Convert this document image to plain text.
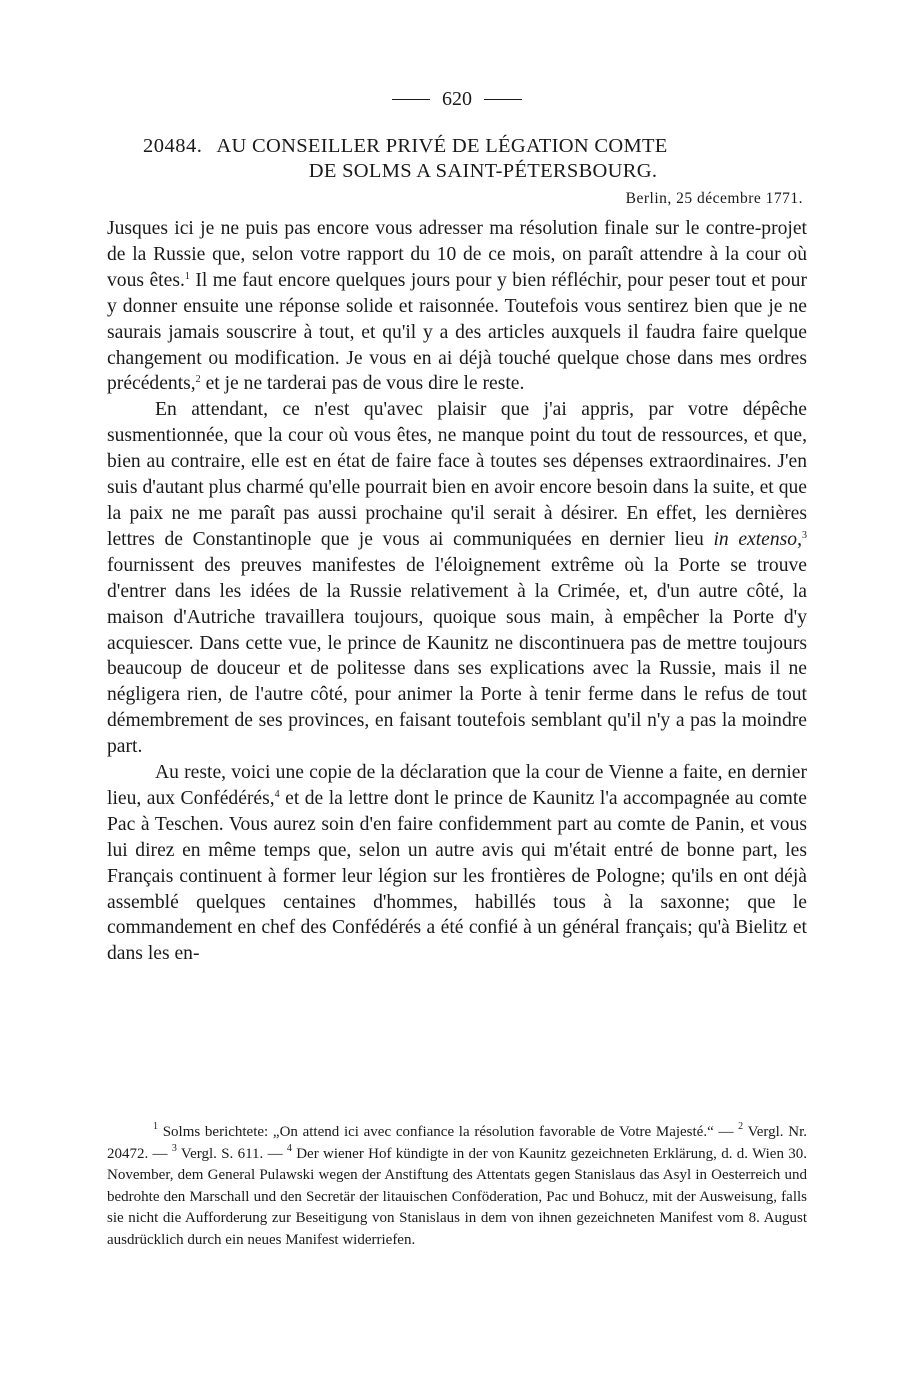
620
20484. AU CONSEILLER PRIVÉ DE LÉGATION COMTE
DE SOLMS A SAINT-PÉTERSBOURG.
Berlin, 25 décembre 1771.

Jusques ici je ne puis pas encore vous adresser ma résolution finale sur le contre-projet de la Russie que, selon votre rapport du 10 de ce mois, on paraît attendre à la cour où vous êtes.$^1$ Il me faut encore quelques jours pour y bien réfléchir, pour peser tout et pour y donner ensuite une réponse solide et raisonnée. Toutefois vous sentirez bien que je ne saurais jamais souscrire à tout, et qu'il y a des articles auxquels il faudra faire quelque changement ou modification. Je vous en ai déjà touché quelque chose dans mes ordres précédents,$^2$ et je ne tarderai pas de vous dire le reste.

En attendant, ce n'est qu'avec plaisir que j'ai appris, par votre dépêche susmentionnée, que la cour où vous êtes, ne manque point du tout de ressources, et que, bien au contraire, elle est en état de faire face à toutes ses dépenses extraordinaires. J'en suis d'autant plus charmé qu'elle pourrait bien en avoir encore besoin dans la suite, et que la paix ne me paraît pas aussi prochaine qu'il serait à désirer. En effet, les dernières lettres de Constantinople que je vous ai communiquées en dernier lieu in extenso,$^3$ fournissent des preuves manifestes de l'éloignement extrême où la Porte se trouve d'entrer dans les idées de la Russie relativement à la Crimée, et, d'un autre côté, la maison d'Autriche travaillera toujours, quoique sous main, à empêcher la Porte d'y acquiescer. Dans cette vue, le prince de Kaunitz ne discontinuera pas de mettre toujours beaucoup de douceur et de politesse dans ses explications avec la Russie, mais il ne négligera rien, de l'autre côté, pour animer la Porte à tenir ferme dans le refus de tout démembrement de ses provinces, en faisant toutefois semblant qu'il n'y a pas la moindre part.

Au reste, voici une copie de la déclaration que la cour de Vienne a faite, en dernier lieu, aux Confédérés,$^4$ et de la lettre dont le prince de Kaunitz l'a accompagnée au comte Pac à Teschen. Vous aurez soin d'en faire confidemment part au comte de Panin, et vous lui direz en même temps que, selon un autre avis qui m'était entré de bonne part, les Français continuent à former leur légion sur les frontières de Pologne; qu'ils en ont déjà assemblé quelques centaines d'hommes, habillés tous à la saxonne; que le commandement en chef des Confédérés a été confié à un général français; qu'à Bielitz et dans les en-

$^1$ Solms berichtete: „On attend ici avec confiance la résolution favorable de Votre Majesté.“ — $^2$ Vergl. Nr. 20472. — $^3$ Vergl. S. 611. — $^4$ Der wiener Hof kündigte in der von Kaunitz gezeichneten Erklärung, d. d. Wien 30. November, dem General Pulawski wegen der Anstiftung des Attentats gegen Stanislaus das Asyl in Oesterreich und bedrohte den Marschall und den Secretär der litauischen Conföderation, Pac und Bohucz, mit der Ausweisung, falls sie nicht die Aufforderung zur Beseitigung von Stanislaus in dem von ihnen gezeichneten Manifest vom 8. August ausdrücklich durch ein neues Manifest widerriefen.
